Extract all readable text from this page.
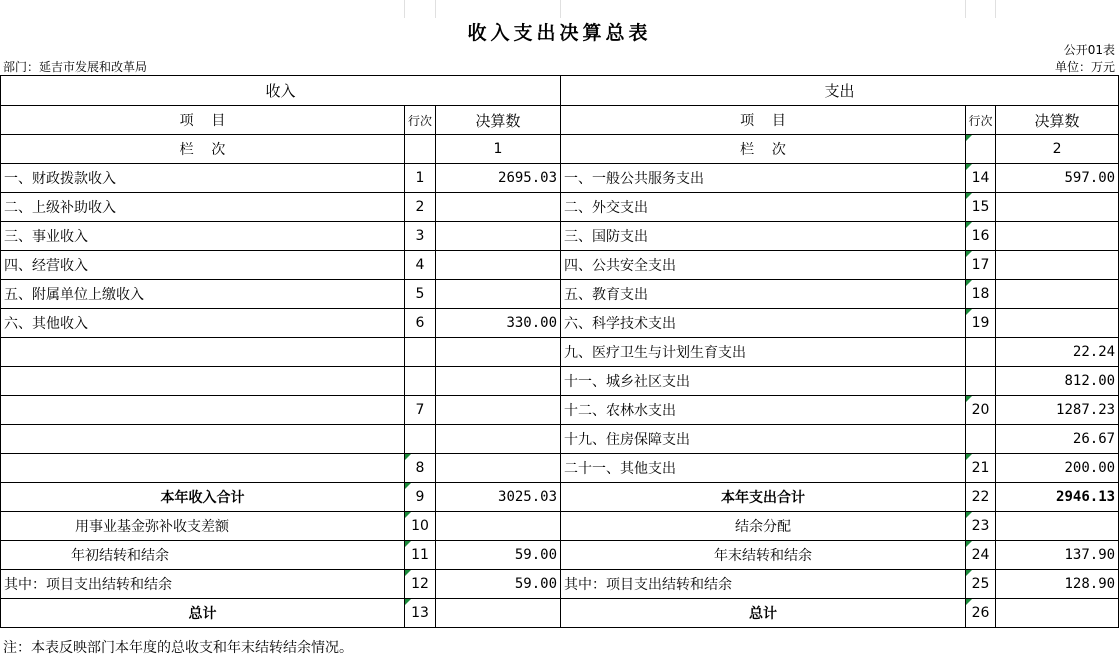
收入支出决算总表
公开01表
部门：延吉市发展和改革局	单位：万元
收入			支出		
项    目	行次	决算数	项    目	行次	决算数
栏    次		1	栏    次		2
一、财政拨款收入	1	2695.03	一、一般公共服务支出	14	597.00
二、上级补助收入	2		二、外交支出	15	
三、事业收入	3		三、国防支出	16	
四、经营收入	4		四、公共安全支出	17	
五、附属单位上缴收入	5		五、教育支出	18	
六、其他收入	6	330.00	六、科学技术支出	19	
			九、医疗卫生与计划生育支出		22.24
			十一、城乡社区支出		812.00
	7		十二、农林水支出	20	1287.23
			十九、住房保障支出		26.67
	8		二十一、其他支出	21	200.00
本年收入合计	9	3025.03	本年支出合计	22	2946.13
用事业基金弥补收支差额	10		结余分配	23	
年初结转和结余	11	59.00	年末结转和结余	24	137.90
其中：项目支出结转和结余	12	59.00	其中：项目支出结转和结余	25	128.90
总计	13		总计	26	
注：本表反映部门本年度的总收支和年末结转结余情况。
